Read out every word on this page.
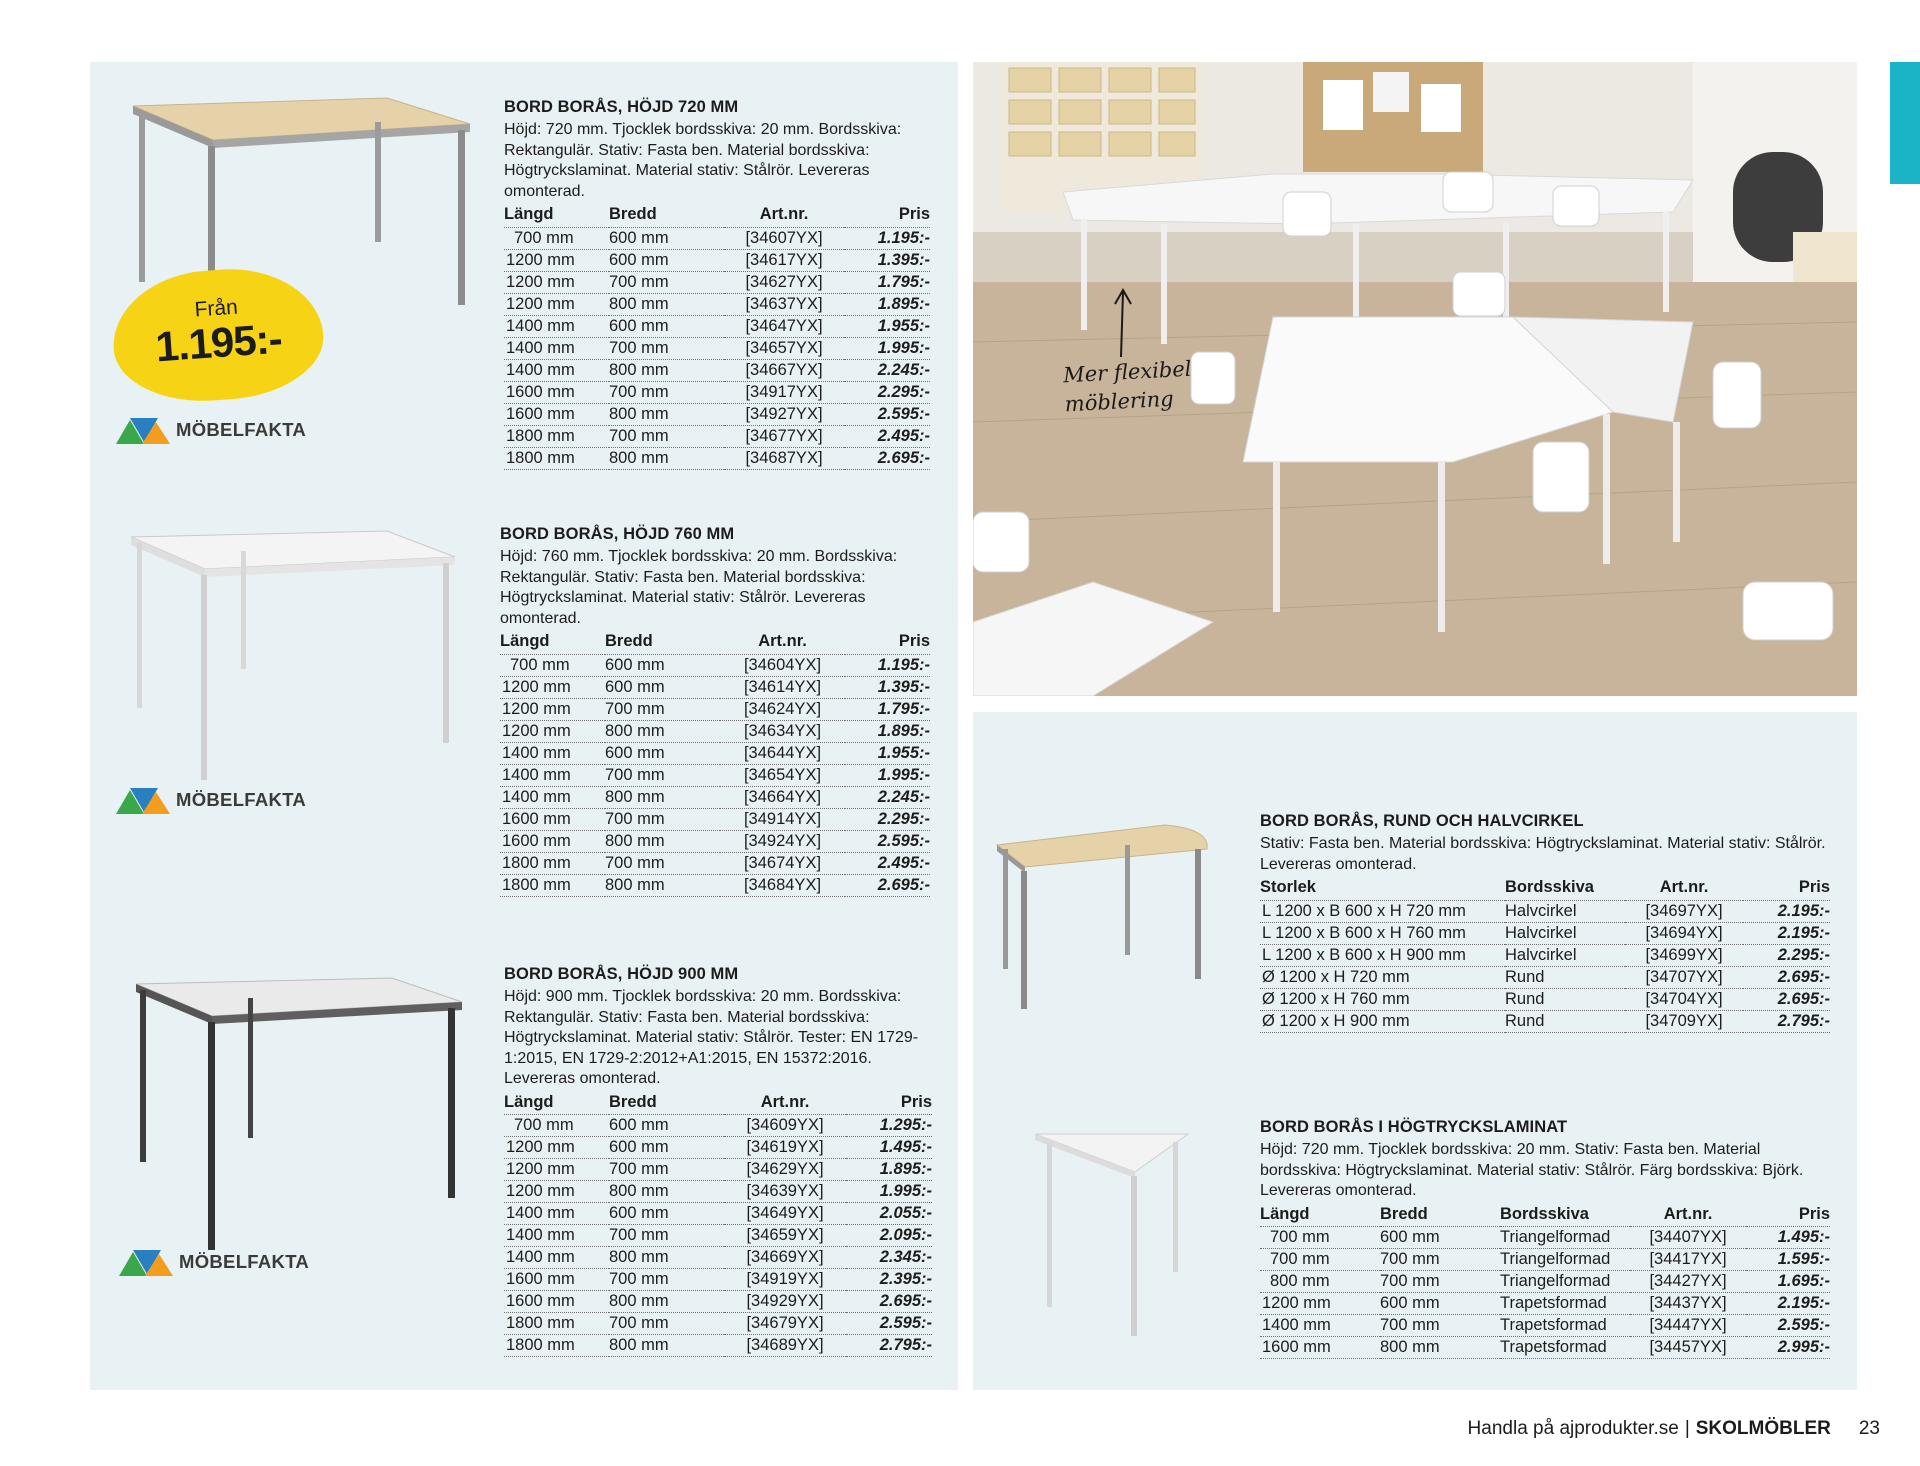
Från
1.195:-
MÖBELFAKTA
MÖBELFAKTA
MÖBELFAKTA
BORD BORÅS, HÖJD 720 MM

Höjd: 720 mm. Tjocklek bordsskiva: 20 mm. Bordsskiva: Rektangulär. Stativ: Fasta ben. Material bordsskiva: Högtryckslaminat. Material stativ: Stålrör. Levereras omonterad.

Längd	Bredd	Art.nr.	Pris
700 mm	600 mm	[34607YX]	1.195:-
1200 mm	600 mm	[34617YX]	1.395:-
1200 mm	700 mm	[34627YX]	1.795:-
1200 mm	800 mm	[34637YX]	1.895:-
1400 mm	600 mm	[34647YX]	1.955:-
1400 mm	700 mm	[34657YX]	1.995:-
1400 mm	800 mm	[34667YX]	2.245:-
1600 mm	700 mm	[34917YX]	2.295:-
1600 mm	800 mm	[34927YX]	2.595:-
1800 mm	700 mm	[34677YX]	2.495:-
1800 mm	800 mm	[34687YX]	2.695:-
BORD BORÅS, HÖJD 760 MM

Höjd: 760 mm. Tjocklek bordsskiva: 20 mm. Bordsskiva: Rektangulär. Stativ: Fasta ben. Material bordsskiva: Högtryckslaminat. Material stativ: Stålrör. Levereras omonterad.

Längd	Bredd	Art.nr.	Pris
700 mm	600 mm	[34604YX]	1.195:-
1200 mm	600 mm	[34614YX]	1.395:-
1200 mm	700 mm	[34624YX]	1.795:-
1200 mm	800 mm	[34634YX]	1.895:-
1400 mm	600 mm	[34644YX]	1.955:-
1400 mm	700 mm	[34654YX]	1.995:-
1400 mm	800 mm	[34664YX]	2.245:-
1600 mm	700 mm	[34914YX]	2.295:-
1600 mm	800 mm	[34924YX]	2.595:-
1800 mm	700 mm	[34674YX]	2.495:-
1800 mm	800 mm	[34684YX]	2.695:-
BORD BORÅS, HÖJD 900 MM

Höjd: 900 mm. Tjocklek bordsskiva: 20 mm. Bordsskiva: Rektangulär. Stativ: Fasta ben. Material bordsskiva: Högtryckslaminat. Material stativ: Stålrör. Tester: EN 1729-1:2015, EN 1729-2:2012+A1:2015, EN 15372:2016. Levereras omonterad.

Längd	Bredd	Art.nr.	Pris
700 mm	600 mm	[34609YX]	1.295:-
1200 mm	600 mm	[34619YX]	1.495:-
1200 mm	700 mm	[34629YX]	1.895:-
1200 mm	800 mm	[34639YX]	1.995:-
1400 mm	600 mm	[34649YX]	2.055:-
1400 mm	700 mm	[34659YX]	2.095:-
1400 mm	800 mm	[34669YX]	2.345:-
1600 mm	700 mm	[34919YX]	2.395:-
1600 mm	800 mm	[34929YX]	2.695:-
1800 mm	700 mm	[34679YX]	2.595:-
1800 mm	800 mm	[34689YX]	2.795:-
Mer flexibel
möblering
BORD BORÅS, RUND OCH HALVCIRKEL

Stativ: Fasta ben. Material bordsskiva: Högtryckslaminat. Material stativ: Stålrör. Levereras omonterad.

Storlek	Bordsskiva	Art.nr.	Pris
L 1200 x B 600 x H 720 mm	Halvcirkel	[34697YX]	2.195:-
L 1200 x B 600 x H 760 mm	Halvcirkel	[34694YX]	2.195:-
L 1200 x B 600 x H 900 mm	Halvcirkel	[34699YX]	2.295:-
Ø 1200 x H 720 mm	Rund	[34707YX]	2.695:-
Ø 1200 x H 760 mm	Rund	[34704YX]	2.695:-
Ø 1200 x H 900 mm	Rund	[34709YX]	2.795:-
BORD BORÅS I HÖGTRYCKSLAMINAT

Höjd: 720 mm. Tjocklek bordsskiva: 20 mm. Stativ: Fasta ben. Material bordsskiva: Högtryckslaminat. Material stativ: Stålrör. Färg bordsskiva: Björk. Levereras omonterad.

Längd	Bredd	Bordsskiva	Art.nr.	Pris
700 mm	600 mm	Triangelformad	[34407YX]	1.495:-
700 mm	700 mm	Triangelformad	[34417YX]	1.595:-
800 mm	700 mm	Triangelformad	[34427YX]	1.695:-
1200 mm	600 mm	Trapetsformad	[34437YX]	2.195:-
1400 mm	700 mm	Trapetsformad	[34447YX]	2.595:-
1600 mm	800 mm	Trapetsformad	[34457YX]	2.995:-
Handla på ajprodukter.se | SKOLMÖBLER 23
